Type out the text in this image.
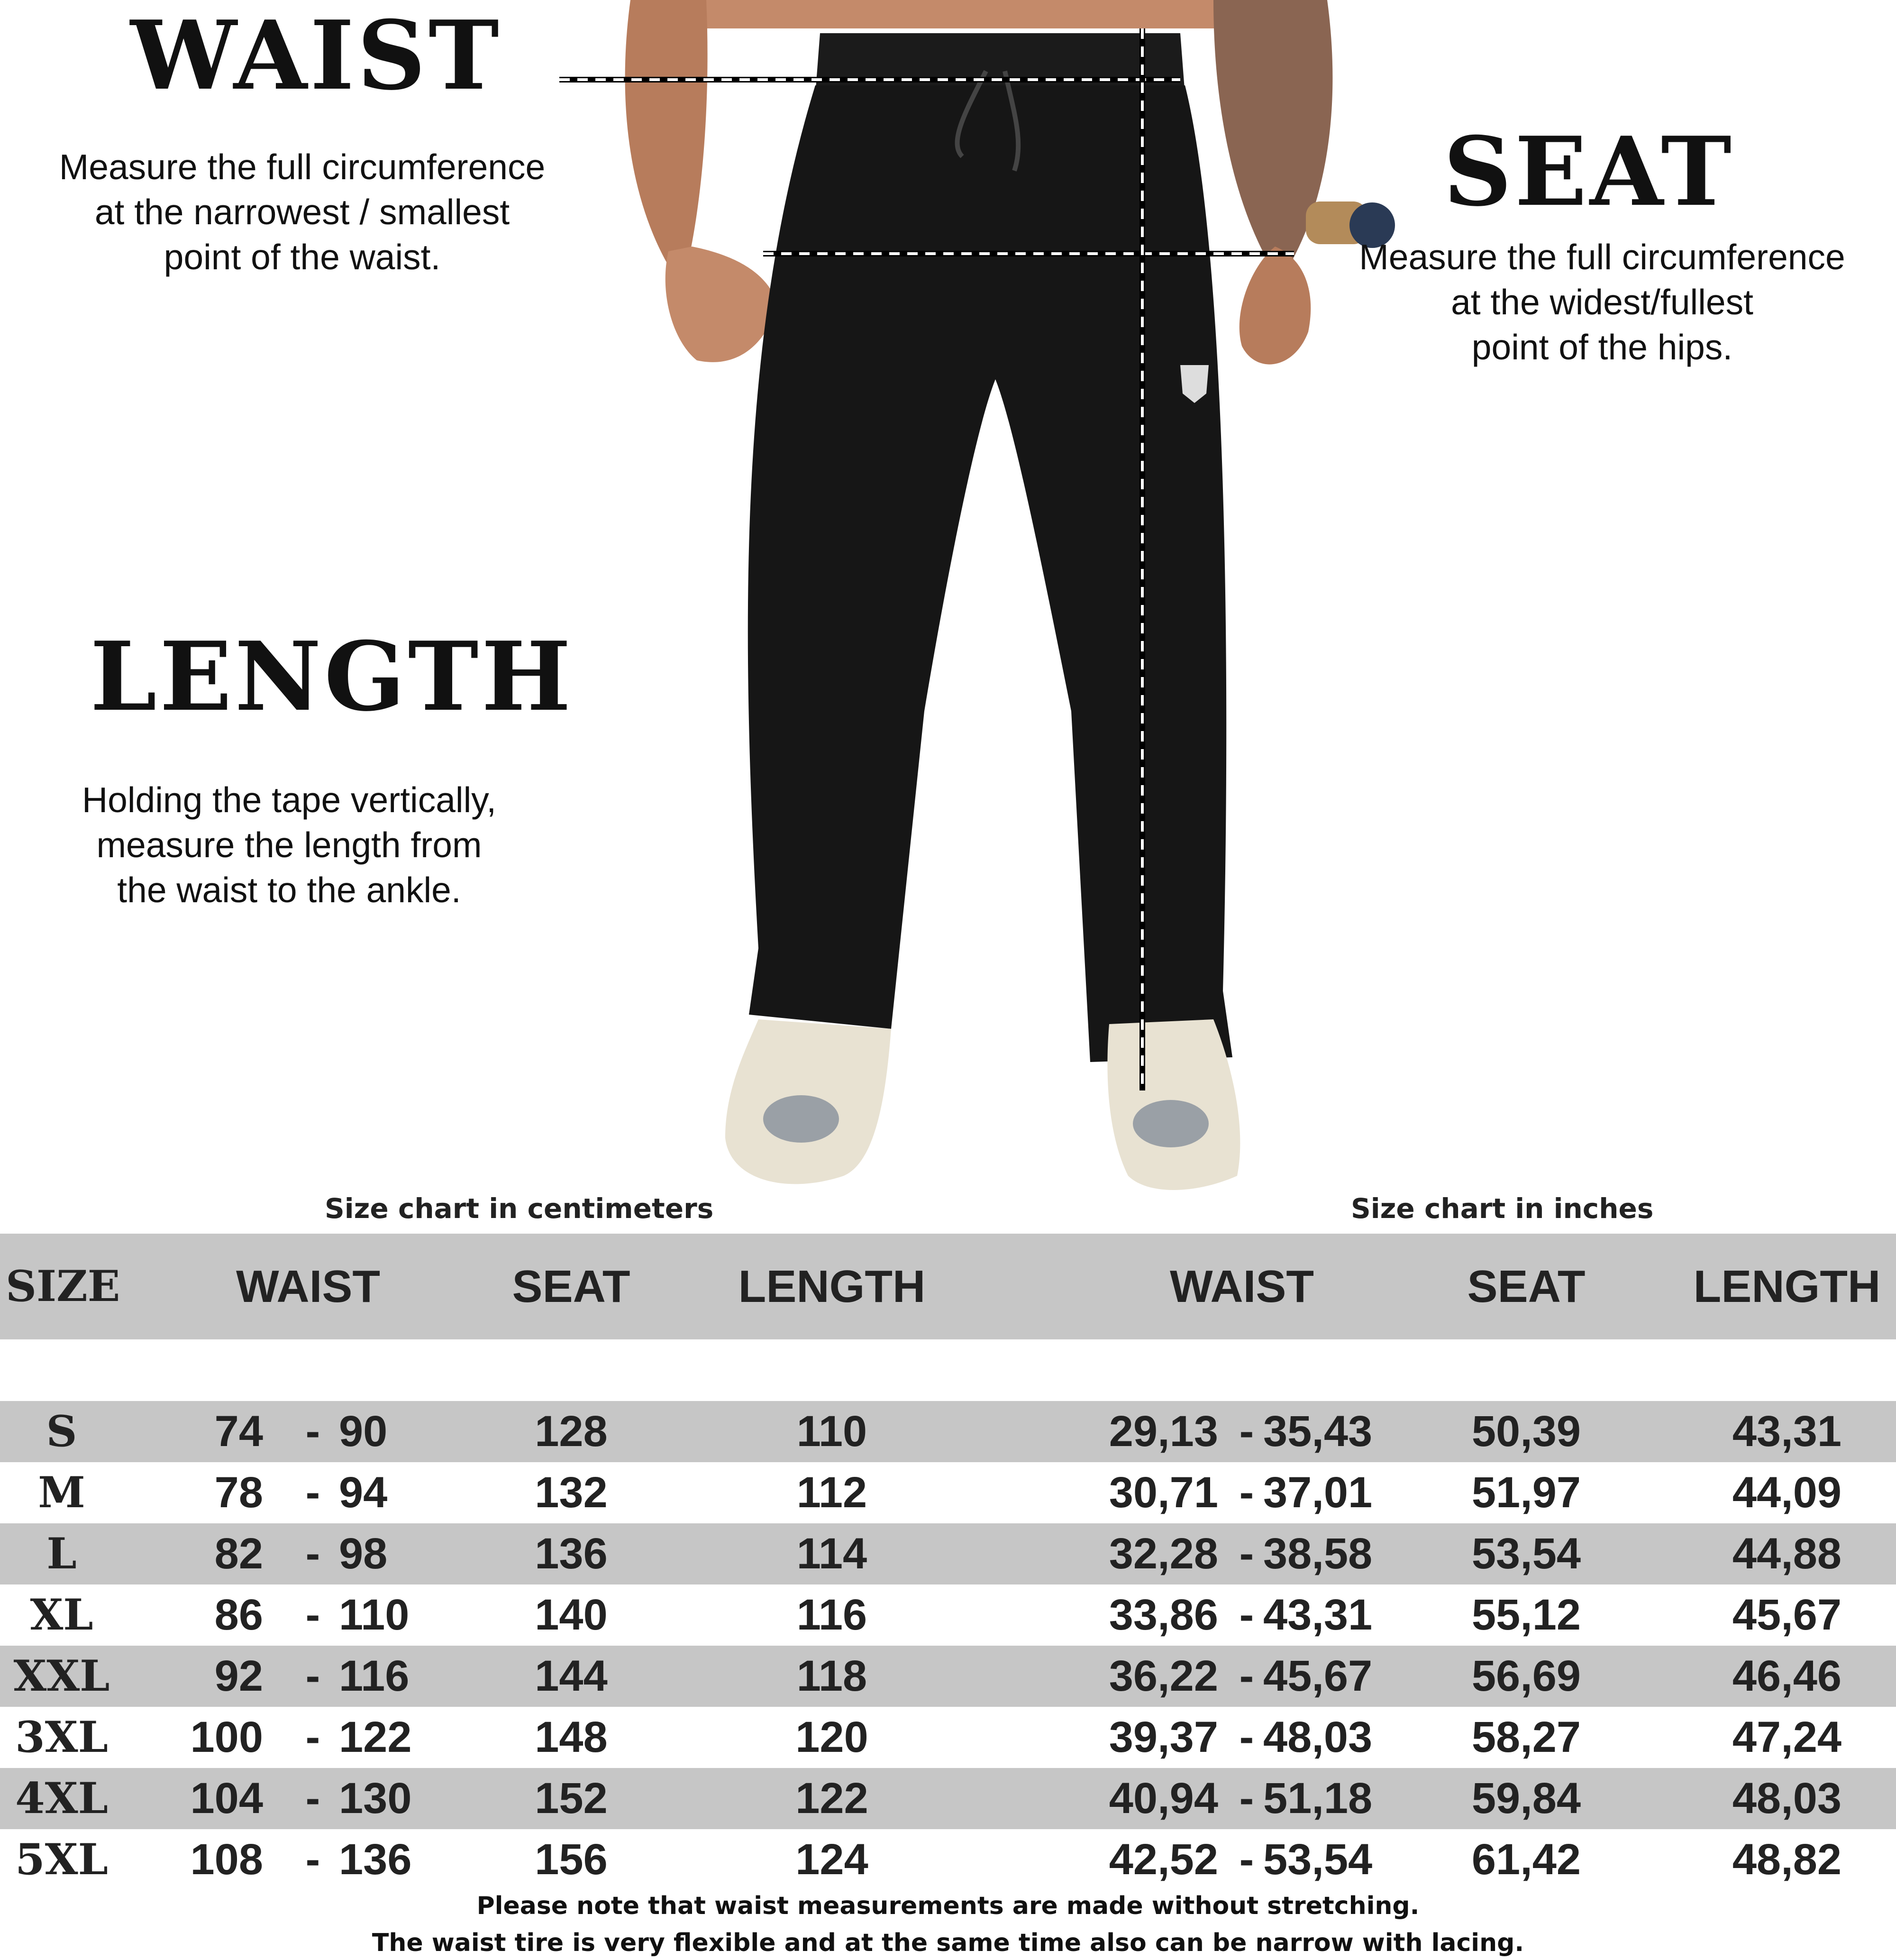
WAIST
SEAT
LENGTH
Measure the full circumference
at the narrowest / smallest
point of the waist.	Measure the full circumference
at the widest/fullest
point of the hips.
Holding the tape vertically,
measure the length from
the waist to the ankle.
Size chart in centimeters	Size chart in inches
SIZE	WAIST	SEAT	LENGTH	WAIST	SEAT	LENGTH
S	74 - 90	128	110	29,13 - 35,43	50,39	43,31
M	78 - 94	132	112	30,71 - 37,01	51,97	44,09
L	82 - 98	136	114	32,28 - 38,58	53,54	44,88
XL	86 - 110	140	116	33,86 - 43,31	55,12	45,67
XXL	92 - 116	144	118	36,22 - 45,67	56,69	46,46
3XL	100 - 122	148	120	39,37 - 48,03	58,27	47,24
4XL	104 - 130	152	122	40,94 - 51,18	59,84	48,03
5XL	108 - 136	156	124	42,52 - 53,54	61,42	48,82
Please note that waist measurements are made without stretching.
The waist tire is very flexible and at the same time also can be narrow with lacing.
